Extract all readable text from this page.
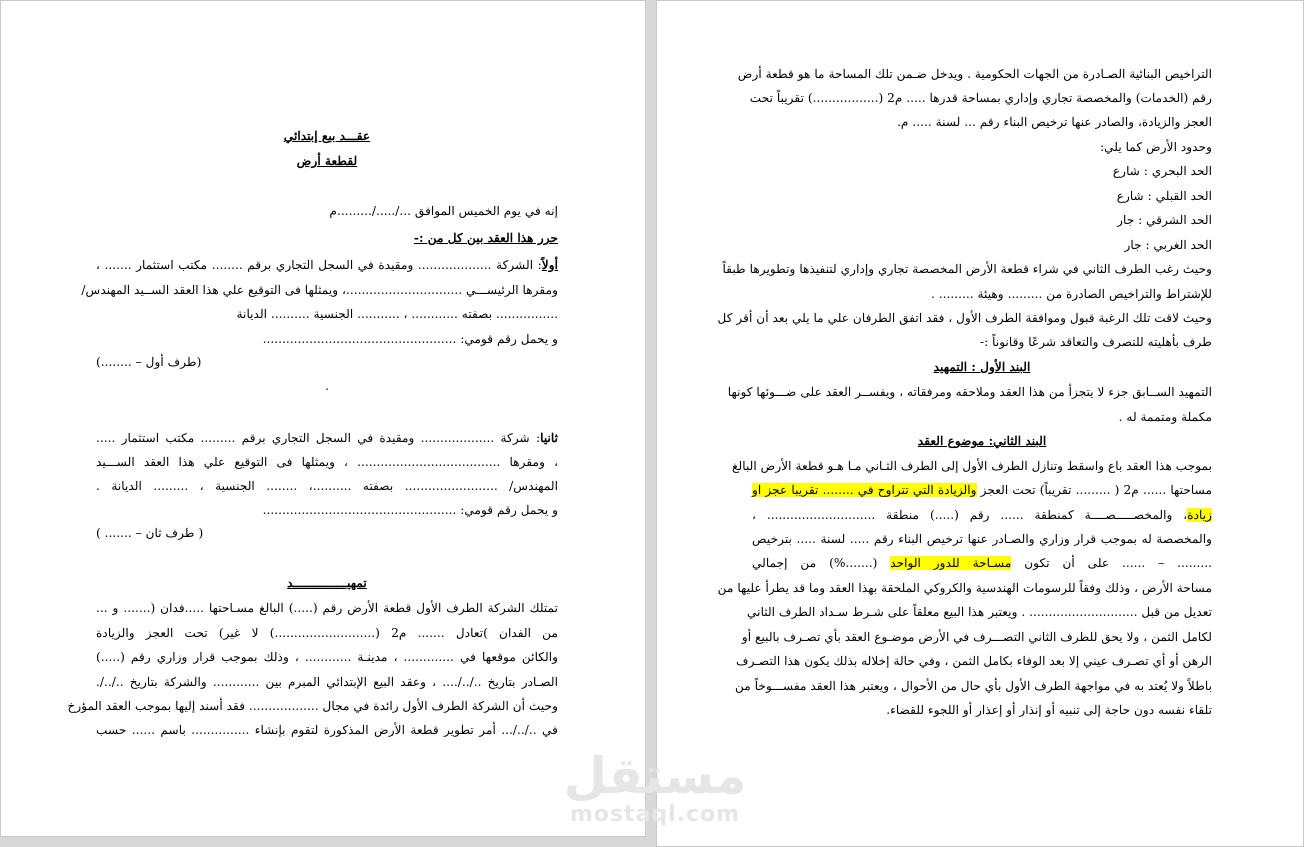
عقـــد بيع إبتدائي
لقطعة أرض
إنه في يوم الخميس الموافق .../...../.........م
حرر هذا العقد بين كل من :-
أولاً: الشركة ................... ومقيدة في السجل التجاري برقم ........ مكتب استثمار ....... ،
ومقرها الرئيســـي ..............................، ويمثلها فى التوقيع علي هذا العقد الســيد المهندس/
................ بصفته ............ ، ........... الجنسية .......... الديانة
و يحمل رقم قومي: ..................................................
(طرف أول – ........)
.
ثانيا: شركة ................... ومقيدة في السجل التجاري برقم ......... مكتب استثمار .....
، ومقرها ..................................... ، ويمثلها فى التوقيع علي هذا العقد الســـيد
المهندس/ ........................ بصفته ..........، ........ الجنسية ، ......... الديانة .
و يحمل رقم قومي: ..................................................
( طرف ثان – ....... )
تمهيـــــــــــــــد
تمتلك الشركة الطرف الأول قطعة الأرض رقم (.....) البالغ مسـاحتها .....فدان (....... و ...
من الفدان )تعادل ....... م2 (..........................) لا غير) تحت العجز والزيادة
والكائن موقعها في ............. ، مدينـة ............ ، وذلك بموجب قرار وزاري رقم (.....)
الصـادر بتاريخ ../../.... ، وعقد البيع الإبتدائي المبرم بين ............ والشركة بتاريخ ../../.
وحيث أن الشركة الطرف الأول رائدة في مجال .................. فقد أسند إليها بموجب العقد المؤرخ
في ../../... أمر تطوير قطعة الأرض المذكورة لتقوم بإنشاء ............... باسم ...... حسب
التراخيص البنائية الصـادرة من الجهات الحكومية . ويدخل ضـمن تلك المساحة ما هو قطعة أرض
رقم (الخدمات) والمخصصة تجاري وإداري بمساحة قدرها ..... م2 (.................) تقريباً تحت
العجز والزيادة، والصادر عنها ترخيص البناء رقم ... لسنة ..... م.
وحدود الأرض كما يلي:
الحد البحري : شارع
الحد القبلي : شارع
الحد الشرقي : جار
الحد الغربي : جار
وحيث رغب الطرف الثاني في شراء قطعة الأرض المخصصة تجاري وإداري لتنفيذها وتطويرها طبقاً
للإشتراط والتراخيص الصادرة من ......... وهيئة ......... .
وحيث لاقت تلك الرغبة قبول وموافقة الطرف الأول ، فقد اتفق الطرفان علي ما يلي بعد أن أقر كل
طرف بأهليته للتصرف والتعاقد شرعًا وقانوناً :-
البند الأول : التمهيد
التمهيد الســابق جزء لا يتجزأ من هذا العقد وملاحقه ومرفقاته ، ويفســر العقد على ضـــوئها كونها
مكملة ومتممة له .
البند الثاني: موضوع العقد
بموجب هذا العقد باع واسقط وتنازل الطرف الأول إلى الطرف الثـاني مـا هـو قطعة الأرض البالغ
مساحتها ...... م2 ( ......... تقريباً) تحت العجز والزيادة التي تتراوح في ........ تقريبا عجز او
زيادة، والمخصـــــصــــة كمنطقة ...... رقم (.....) منطقة ............................ ،
والمخصصة له بموجب قرار وزاري والصـادر عنها ترخيص البناء رقم ..... لسنة ..... بترخيص
......... – ...... على أن تكون مسـاحة للدور الواحد (.......%) من إجمالي
مساحة الأرض ، وذلك وفقاً للرسومات الهندسية والكروكي الملحقة بهذا العقد وما قد يطرأ عليها من
تعديل من قبل ............................ . ويعتبر هذا البيع معلقاً على شـرط سـداد الطرف الثاني
لكامل الثمن ، ولا يحق للطرف الثاني التصـــرف في الأرض موضـوع العقد بأي تصـرف بالبيع أو
الرهن أو أي تصـرف عيني إلا بعد الوفاء بكامل الثمن ، وفي حالة إخلاله بذلك يكون هذا التصـرف
باطلاً ولا يُعتد به في مواجهة الطرف الأول بأي حال من الأحوال ، ويعتبر هذا العقد مفســـوخاً من
تلقاء نفسه دون حاجة إلى تنبيه أو إنذار أو إعذار أو اللجوء للقضاء.
مستقل
mostaql.com
